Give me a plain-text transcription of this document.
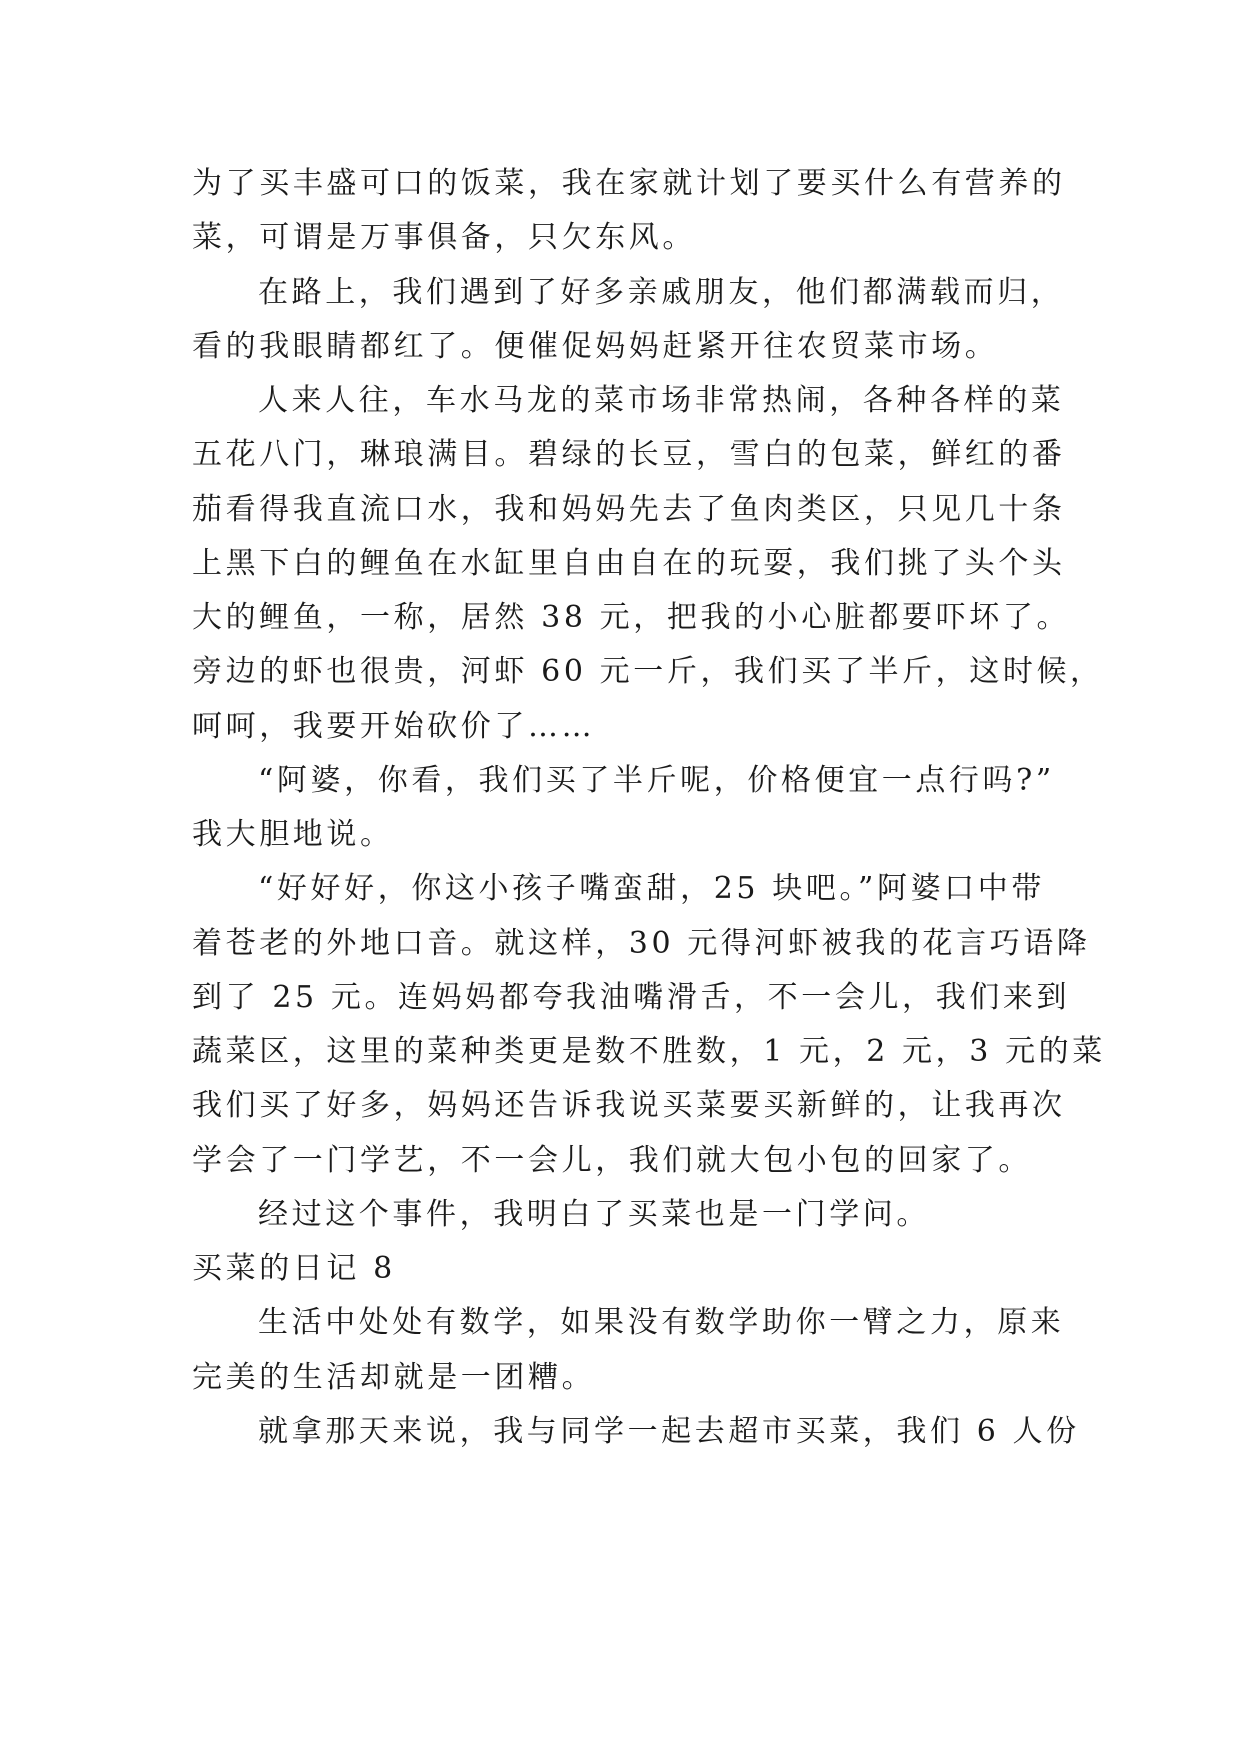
为了买丰盛可口的饭菜，我在家就计划了要买什么有营养的
菜，可谓是万事俱备，只欠东风。
在路上，我们遇到了好多亲戚朋友，他们都满载而归，
看的我眼睛都红了。便催促妈妈赶紧开往农贸菜市场。
人来人往，车水马龙的菜市场非常热闹，各种各样的菜
五花八门，琳琅满目。碧绿的长豆，雪白的包菜，鲜红的番
茄看得我直流口水，我和妈妈先去了鱼肉类区，只见几十条
上黑下白的鲤鱼在水缸里自由自在的玩耍，我们挑了头个头
大的鲤鱼，一称，居然 38 元，把我的小心脏都要吓坏了。
旁边的虾也很贵，河虾 60 元一斤，我们买了半斤，这时候，
呵呵，我要开始砍价了……
“阿婆，你看，我们买了半斤呢，价格便宜一点行吗?”
我大胆地说。
“好好好，你这小孩子嘴蛮甜，25 块吧。”阿婆口中带
着苍老的外地口音。就这样，30 元得河虾被我的花言巧语降
到了 25 元。连妈妈都夸我油嘴滑舌，不一会儿，我们来到
蔬菜区，这里的菜种类更是数不胜数，1 元，2 元，3 元的菜
我们买了好多，妈妈还告诉我说买菜要买新鲜的，让我再次
学会了一门学艺，不一会儿，我们就大包小包的回家了。
经过这个事件，我明白了买菜也是一门学问。
买菜的日记 8
生活中处处有数学，如果没有数学助你一臂之力，原来
完美的生活却就是一团糟。
就拿那天来说，我与同学一起去超市买菜，我们 6 人份
